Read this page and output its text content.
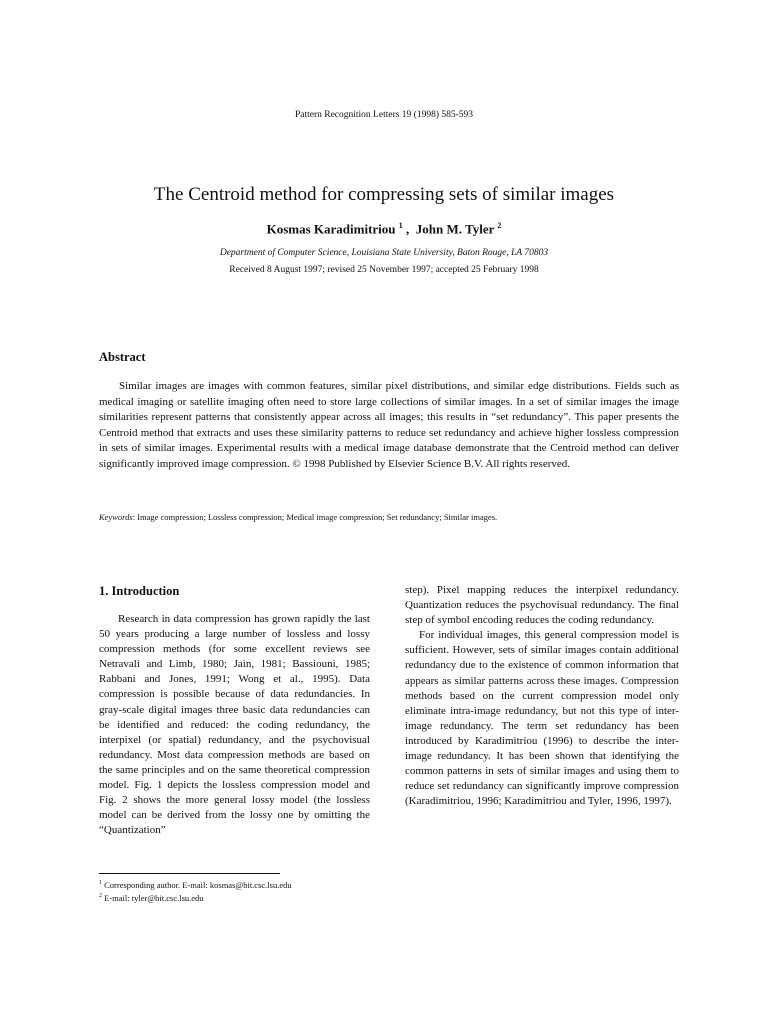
Pattern Recognition Letters 19 (1998) 585-593
The Centroid method for compressing sets of similar images
Kosmas Karadimitriou $^1$ , John M. Tyler $^2$
Department of Computer Science, Louisiana State University, Baton Rouge, LA 70803
Received 8 August 1997; revised 25 November 1997; accepted 25 February 1998
Abstract
Similar images are images with common features, similar pixel distributions, and similar edge distributions. Fields such as medical imaging or satellite imaging often need to store large collections of similar images. In a set of similar images the image similarities represent patterns that consistently appear across all images; this results in “set redundancy”. This paper presents the Centroid method that extracts and uses these similarity patterns to reduce set redundancy and achieve higher lossless compression in sets of similar images. Experimental results with a medical image database demonstrate that the Centroid method can deliver significantly improved image compression. © 1998 Published by Elsevier Science B.V. All rights reserved.
Keywords: Image compression; Lossless compression; Medical image compression; Set redundancy; Similar images.
1. Introduction

Research in data compression has grown rapidly the last 50 years producing a large number of lossless and lossy compression methods (for some excellent reviews see Netravali and Limb, 1980; Jain, 1981; Bassiouni, 1985; Rabbani and Jones, 1991; Wong et al., 1995). Data compression is possible because of data redundancies. In gray-scale digital images three basic data redundancies can be identified and reduced: the coding redundancy, the interpixel (or spatial) redundancy, and the psychovisual redundancy. Most data compression methods are based on the same principles and on the same theoretical compression model. Fig. 1 depicts the lossless compression model and Fig. 2 shows the more general lossy model (the lossless model can be derived from the lossy one by omitting the “Quantization”

step). Pixel mapping reduces the interpixel redundancy. Quantization reduces the psychovisual redundancy. The final step of symbol encoding reduces the coding redundancy.

For individual images, this general compression model is sufficient. However, sets of similar images contain additional redundancy due to the existence of common information that appears as similar patterns across these images. Compression methods based on the current compression model only eliminate intra-image redundancy, but not this type of inter-image redundancy. The term set redundancy has been introduced by Karadimitriou (1996) to describe the inter-image redundancy. It has been shown that identifying the common patterns in sets of similar images and using them to reduce set redundancy can significantly improve compression (Karadimitriou, 1996; Karadimitriou and Tyler, 1996, 1997).

$^1$ Corresponding author. E-mail: kosmas@bit.csc.lsu.edu
$^2$ E-mail: tyler@bit.csc.lsu.edu
